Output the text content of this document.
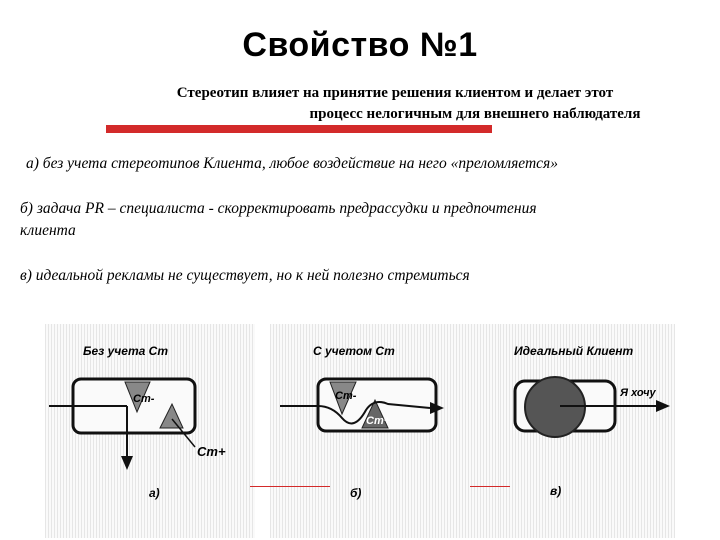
Свойство №1
Стереотип влияет на принятие решения клиентом и делает этот
процесс нелогичным для внешнего наблюдателя
а) без учета стереотипов Клиента, любое воздействие на него «преломляется»
б) задача PR – специалиста - скорректировать предрассудки и предпочтения клиента
в) идеальной рекламы не существует, но к ней полезно стремиться
Без учета Cт
Cт-
Cт+
а)
С учетом Cт
Cт-
Cт+
б)
Идеальный Клиент
Я хочу
в)
